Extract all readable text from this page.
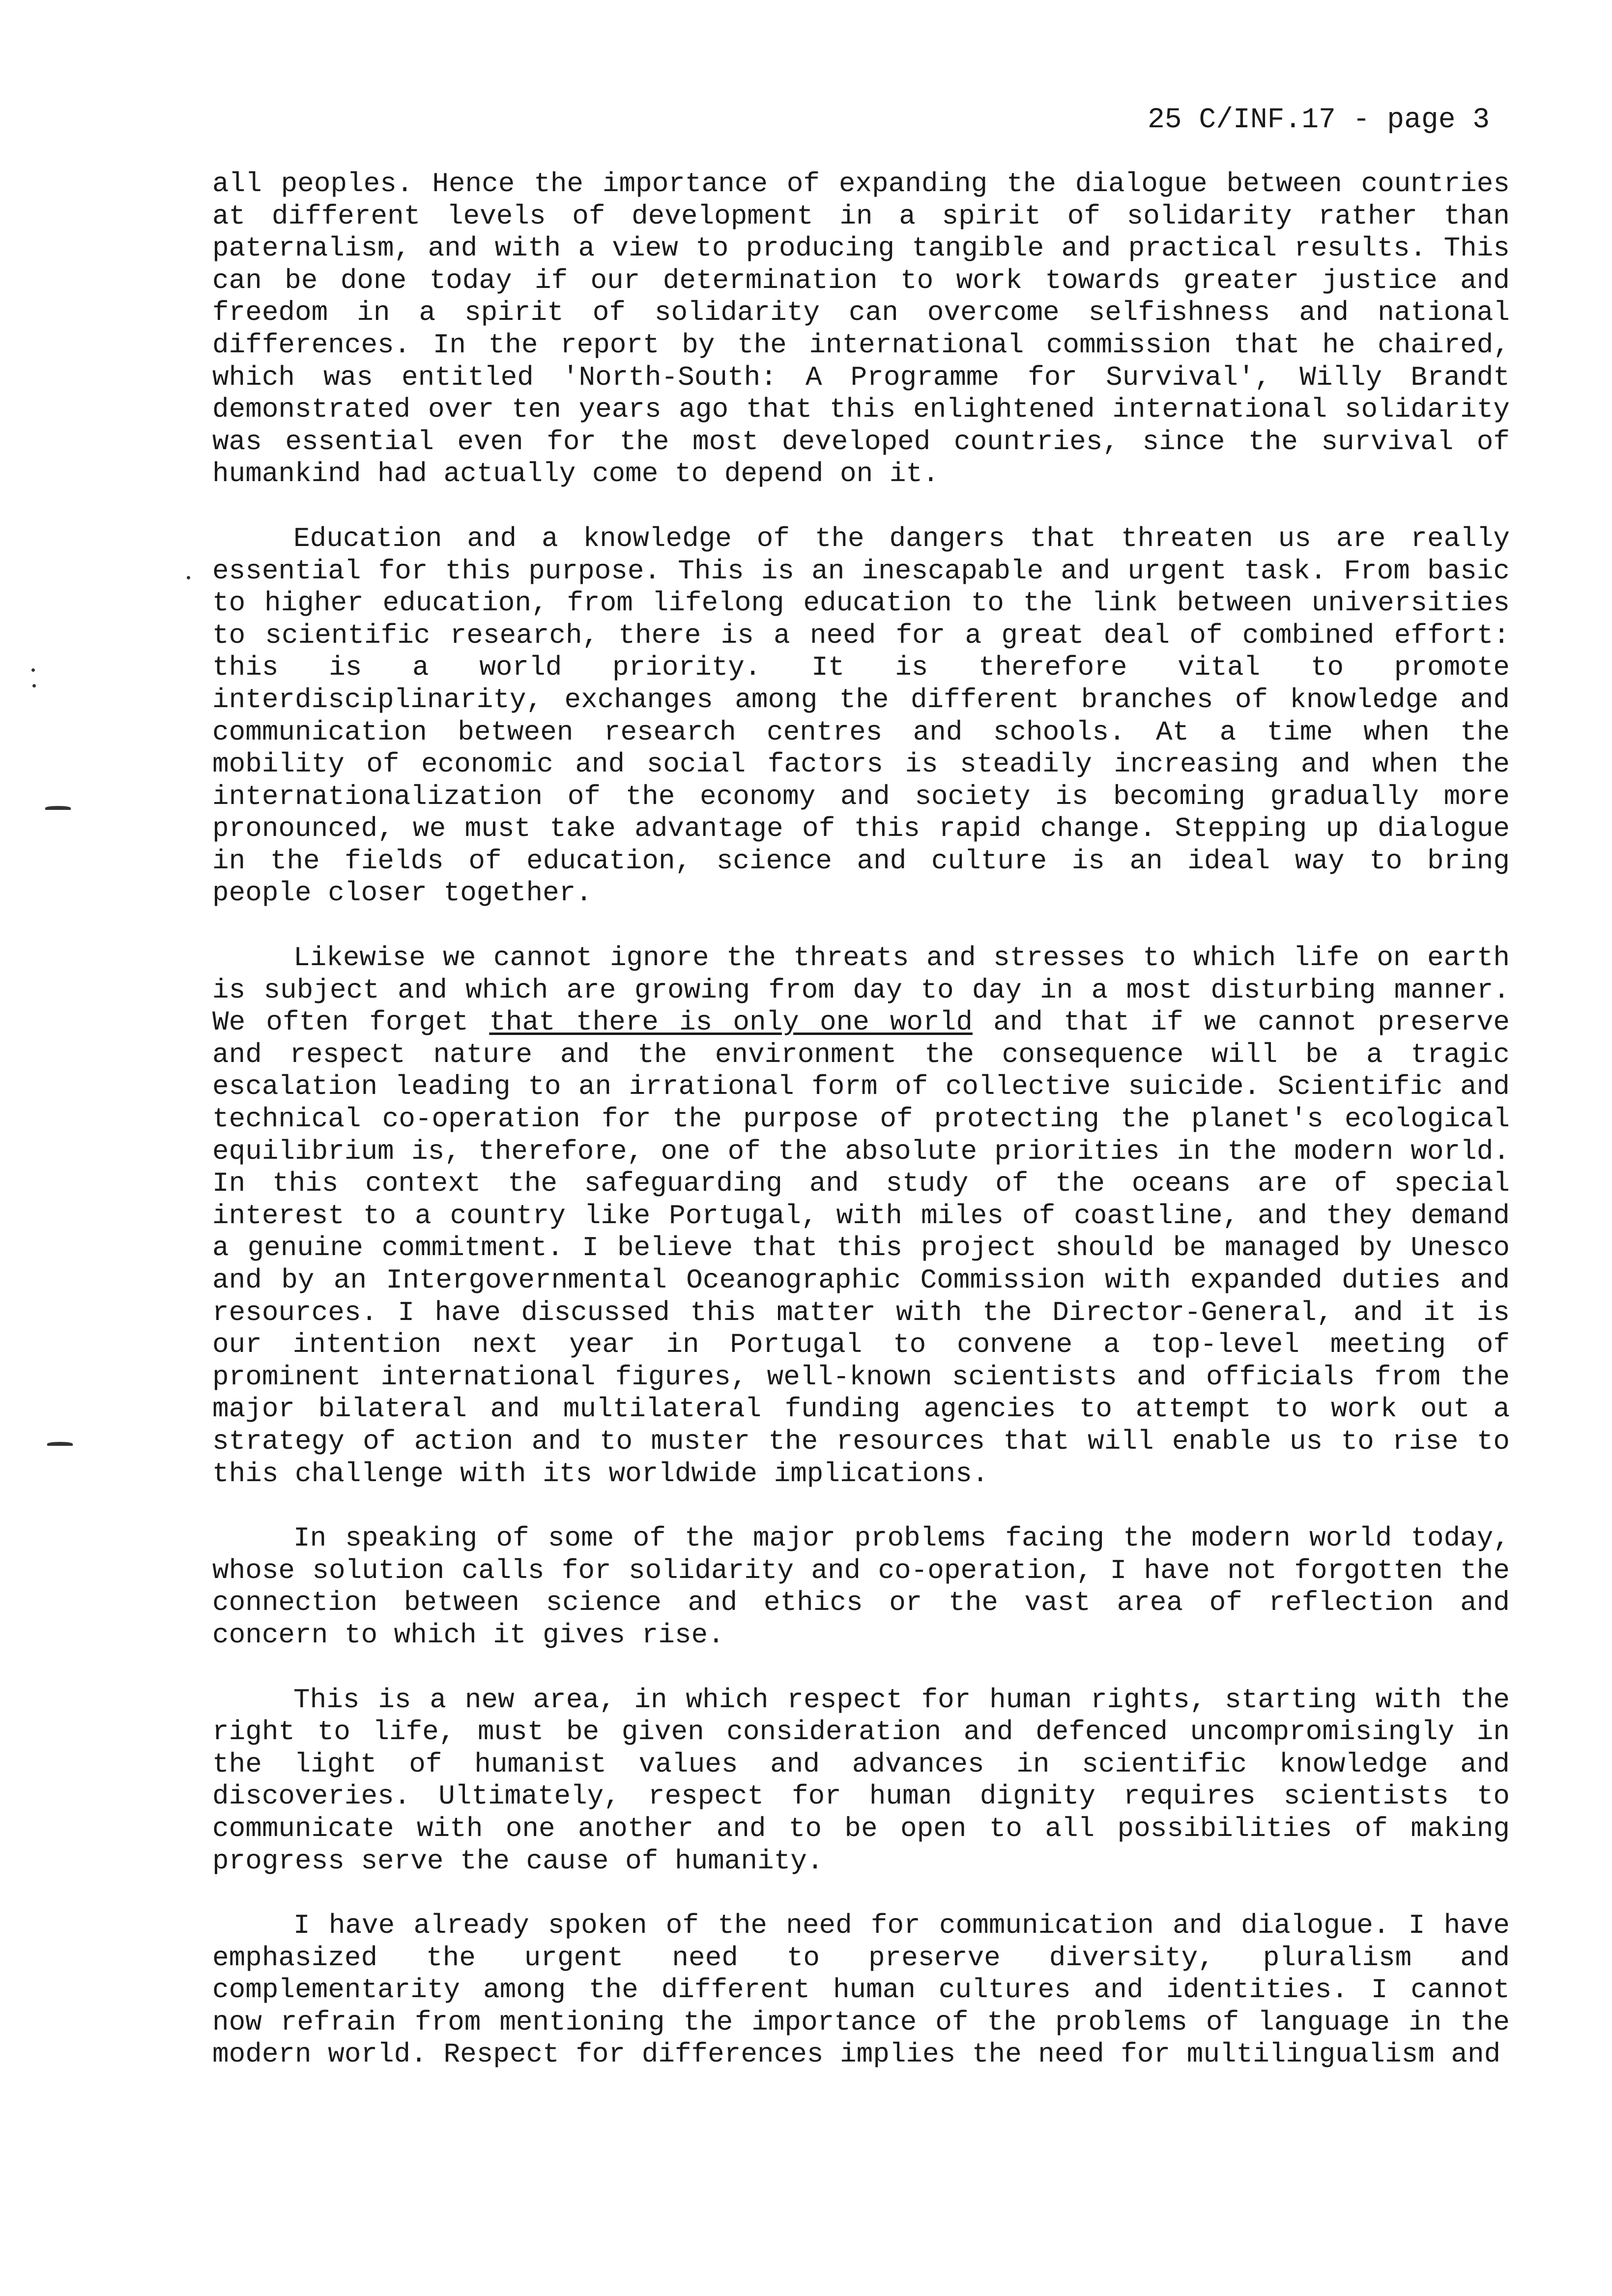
25 C/INF.17 - page 3

all peoples. Hence the importance of expanding the dialogue between countries at different levels of development in a spirit of solidarity rather than paternalism, and with a view to producing tangible and practical results. This can be done today if our determination to work towards greater justice and freedom in a spirit of solidarity can overcome selfishness and national differences. In the report by the international commission that he chaired, which was entitled 'North-South: A Programme for Survival', Willy Brandt demonstrated over ten years ago that this enlightened international solidarity was essential even for the most developed countries, since the survival of humankind had actually come to depend on it.

Education and a knowledge of the dangers that threaten us are really essential for this purpose. This is an inescapable and urgent task. From basic to higher education, from lifelong education to the link between universities to scientific research, there is a need for a great deal of combined effort: this is a world priority. It is therefore vital to promote interdisciplinarity, exchanges among the different branches of knowledge and communication between research centres and schools. At a time when the mobility of economic and social factors is steadily increasing and when the internationalization of the economy and society is becoming gradually more pronounced, we must take advantage of this rapid change. Stepping up dialogue in the fields of education, science and culture is an ideal way to bring people closer together.

Likewise we cannot ignore the threats and stresses to which life on earth is subject and which are growing from day to day in a most disturbing manner. We often forget that there is only one world and that if we cannot preserve and respect nature and the environment the consequence will be a tragic escalation leading to an irrational form of collective suicide. Scientific and technical co-operation for the purpose of protecting the planet's ecological equilibrium is, therefore, one of the absolute priorities in the modern world. In this context the safeguarding and study of the oceans are of special interest to a country like Portugal, with miles of coastline, and they demand a genuine commitment. I believe that this project should be managed by Unesco and by an Intergovernmental Oceanographic Commission with expanded duties and resources. I have discussed this matter with the Director-General, and it is our intention next year in Portugal to convene a top-level meeting of prominent international figures, well-known scientists and officials from the major bilateral and multilateral funding agencies to attempt to work out a strategy of action and to muster the resources that will enable us to rise to this challenge with its worldwide implications.

In speaking of some of the major problems facing the modern world today, whose solution calls for solidarity and co-operation, I have not forgotten the connection between science and ethics or the vast area of reflection and concern to which it gives rise.

This is a new area, in which respect for human rights, starting with the right to life, must be given consideration and defenced uncompromisingly in the light of humanist values and advances in scientific knowledge and discoveries. Ultimately, respect for human dignity requires scientists to communicate with one another and to be open to all possibilities of making progress serve the cause of humanity.

I have already spoken of the need for communication and dialogue. I have emphasized the urgent need to preserve diversity, pluralism and complementarity among the different human cultures and identities. I cannot now refrain from mentioning the importance of the problems of language in the modern world. Respect for differences implies the need for multilingualism and
